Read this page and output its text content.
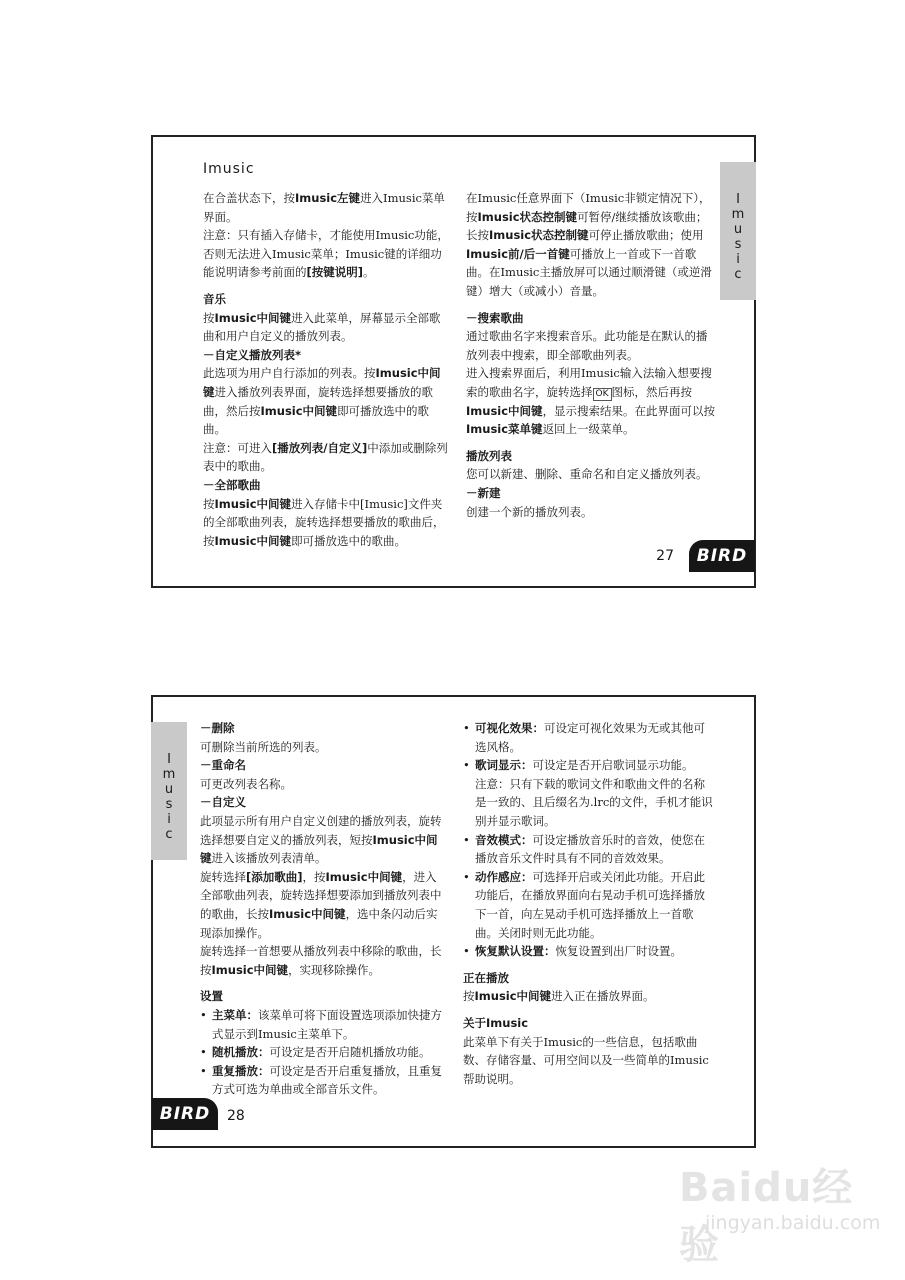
Imusic
I
m
u
s
i
c

在合盖状态下，按Imusic左键进入Imusic菜单界面。

注意：只有插入存储卡，才能使用Imusic功能，否则无法进入Imusic菜单；Imusic键的详细功能说明请参考前面的[按键说明]。

音乐

按Imusic中间键进入此菜单，屏幕显示全部歌曲和用户自定义的播放列表。

－自定义播放列表*

此选项为用户自行添加的列表。按Imusic中间键进入播放列表界面，旋转选择想要播放的歌曲，然后按Imusic中间键即可播放选中的歌曲。

注意：可进入[播放列表/自定义]中添加或删除列表中的歌曲。

－全部歌曲

按Imusic中间键进入存储卡中[Imusic]文件夹的全部歌曲列表，旋转选择想要播放的歌曲后，按Imusic中间键即可播放选中的歌曲。

在Imusic任意界面下（Imusic非锁定情况下），按Imusic状态控制键可暂停/继续播放该歌曲；长按Imusic状态控制键可停止播放歌曲；使用Imusic前/后一首键可播放上一首或下一首歌曲。在Imusic主播放屏可以通过顺滑键（或逆滑键）增大（或减小）音量。

－搜索歌曲

通过歌曲名字来搜索音乐。此功能是在默认的播放列表中搜索，即全部歌曲列表。

进入搜索界面后，利用Imusic输入法输入想要搜索的歌曲名字，旋转选择 OK 图标，然后再按Imusic中间键，显示搜索结果。在此界面可以按Imusic菜单键返回上一级菜单。

播放列表

您可以新建、删除、重命名和自定义播放列表。

－新建

创建一个新的播放列表。

27	BIRD
I
m
u
s
i
c

－删除

可删除当前所选的列表。

－重命名

可更改列表名称。

－自定义

此项显示所有用户自定义创建的播放列表，旋转选择想要自定义的播放列表，短按Imusic中间键进入该播放列表清单。

旋转选择[添加歌曲]，按Imusic中间键，进入全部歌曲列表，旋转选择想要添加到播放列表中的歌曲，长按Imusic中间键，选中条闪动后实现添加操作。

旋转选择一首想要从播放列表中移除的歌曲，长按Imusic中间键，实现移除操作。

设置

• 主菜单：该菜单可将下面设置选项添加快捷方式显示到Imusic主菜单下。

• 随机播放：可设定是否开启随机播放功能。

• 重复播放：可设定是否开启重复播放，且重复方式可选为单曲或全部音乐文件。

• 可视化效果：可设定可视化效果为无或其他可选风格。

• 歌词显示：可设定是否开启歌词显示功能。
注意：只有下载的歌词文件和歌曲文件的名称是一致的、且后缀名为.lrc的文件，手机才能识别并显示歌词。

• 音效模式：可设定播放音乐时的音效，使您在播放音乐文件时具有不同的音效效果。

• 动作感应：可选择开启或关闭此功能。开启此功能后，在播放界面向右晃动手机可选择播放下一首，向左晃动手机可选择播放上一首歌曲。关闭时则无此功能。

• 恢复默认设置：恢复设置到出厂时设置。

正在播放

按Imusic中间键进入正在播放界面。

关于Imusic

此菜单下有关于Imusic的一些信息，包括歌曲数、存储容量、可用空间以及一些简单的Imusic帮助说明。

BIRD	28
Baidu经验
jingyan.baidu.com
